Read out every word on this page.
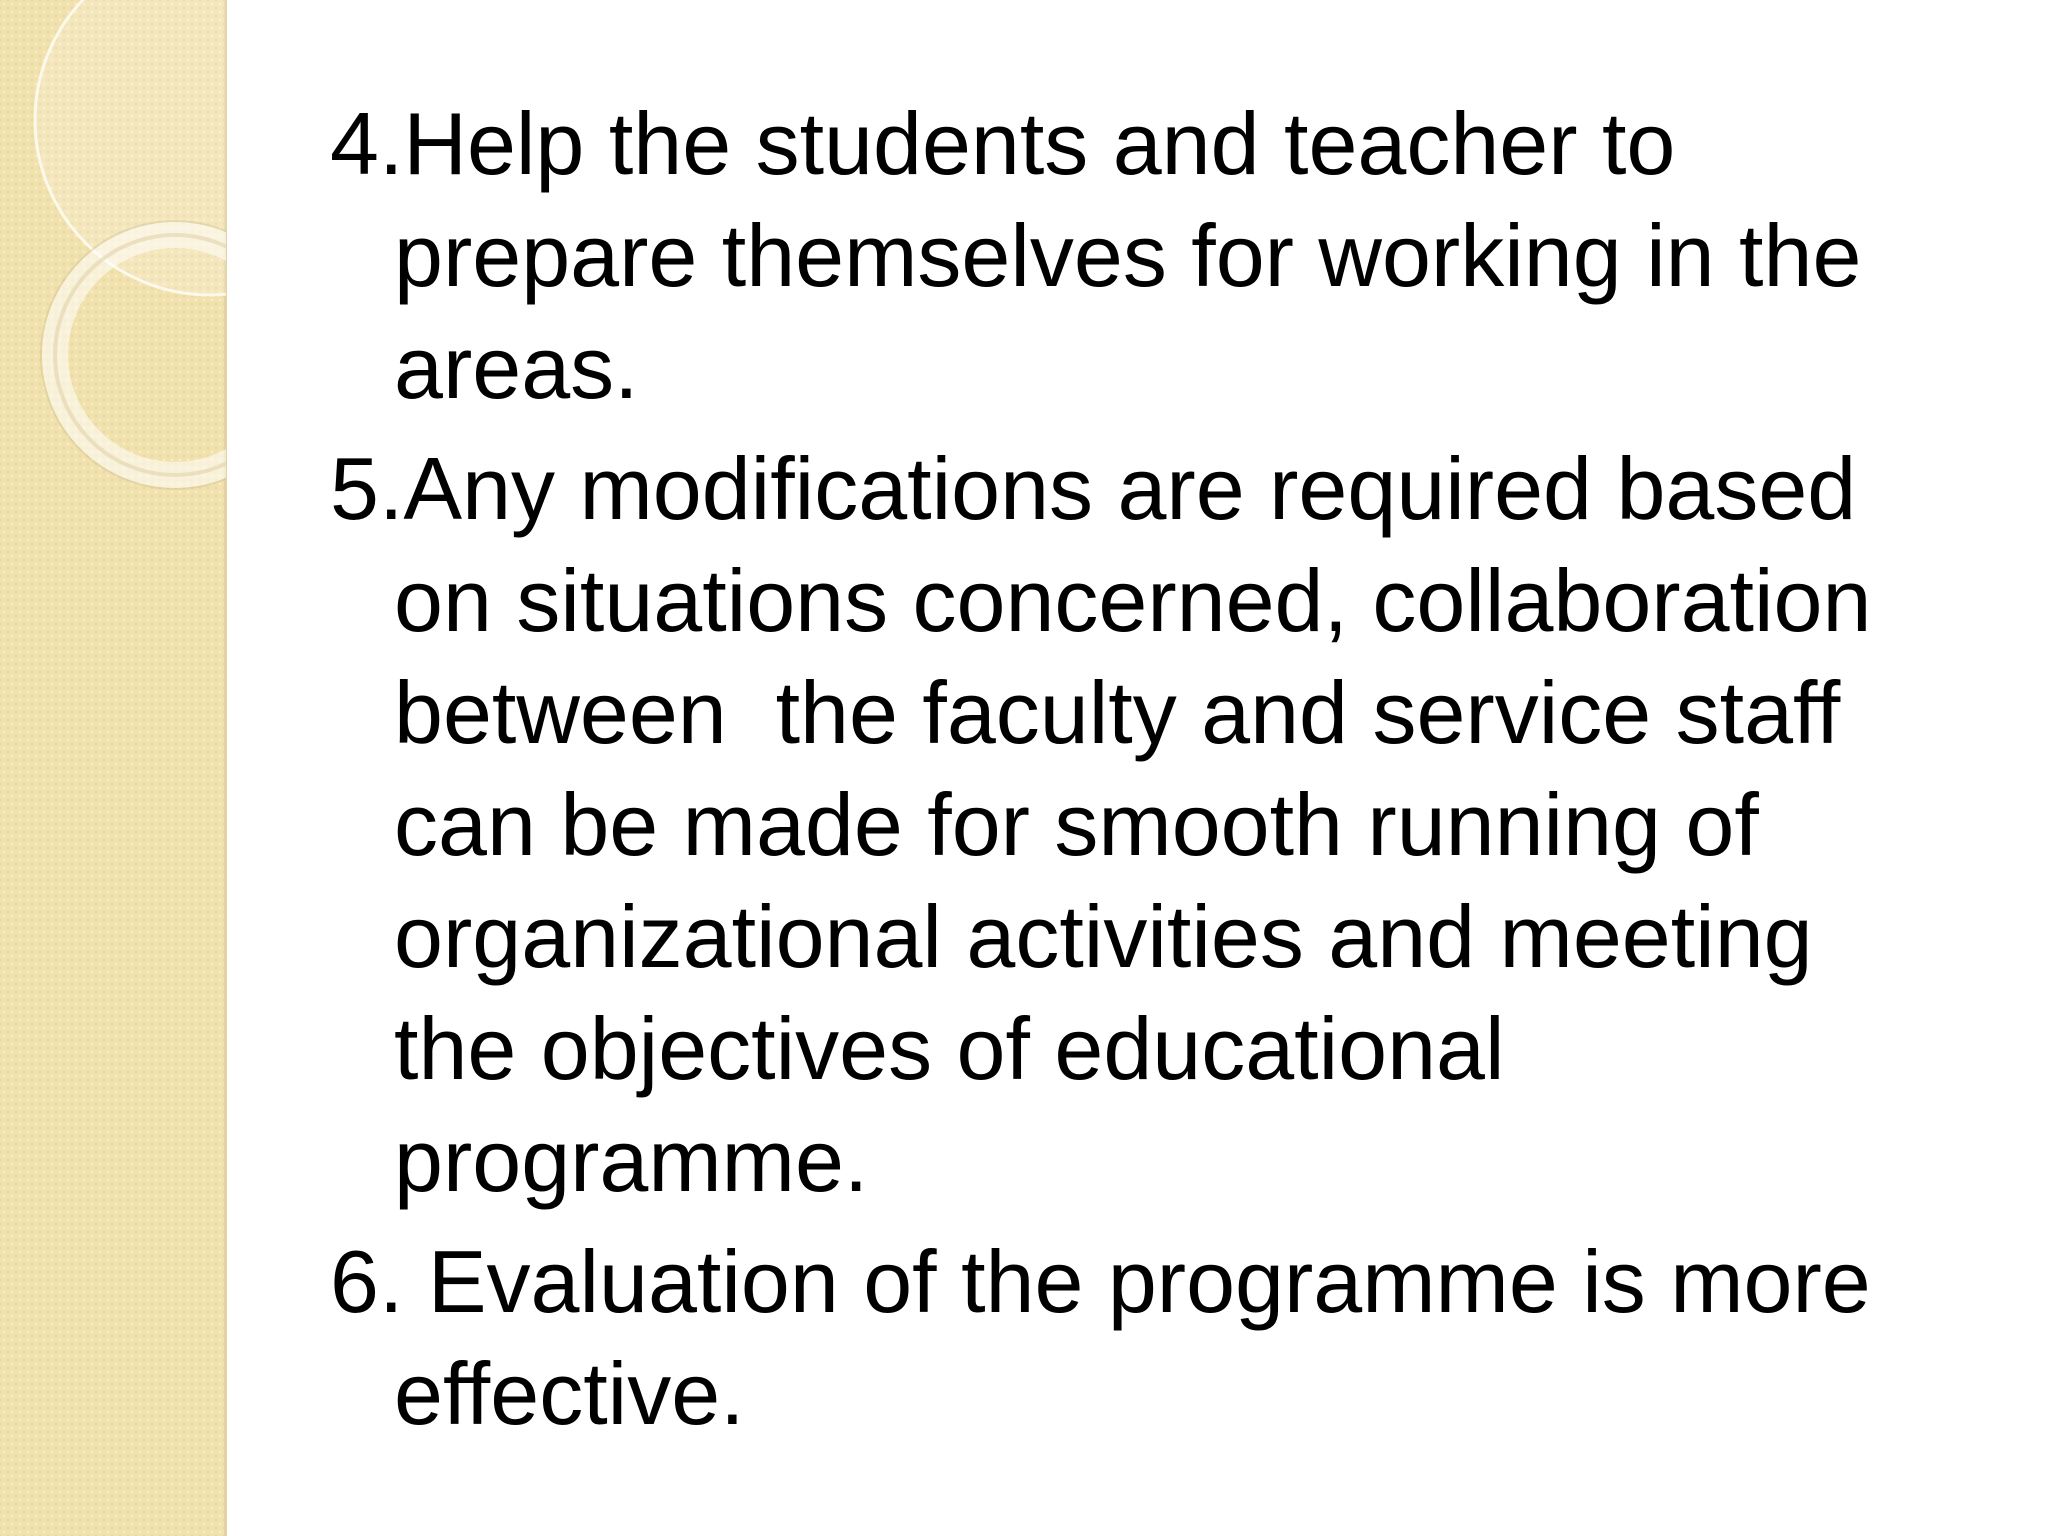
4.Help the students and teacher to
prepare themselves for working in the
areas.

5.Any modifications are required based
on situations concerned, collaboration
between  the faculty and service staff
can be made for smooth running of
organizational activities and meeting
the objectives of educational
programme.

6. Evaluation of the programme is more
effective.
